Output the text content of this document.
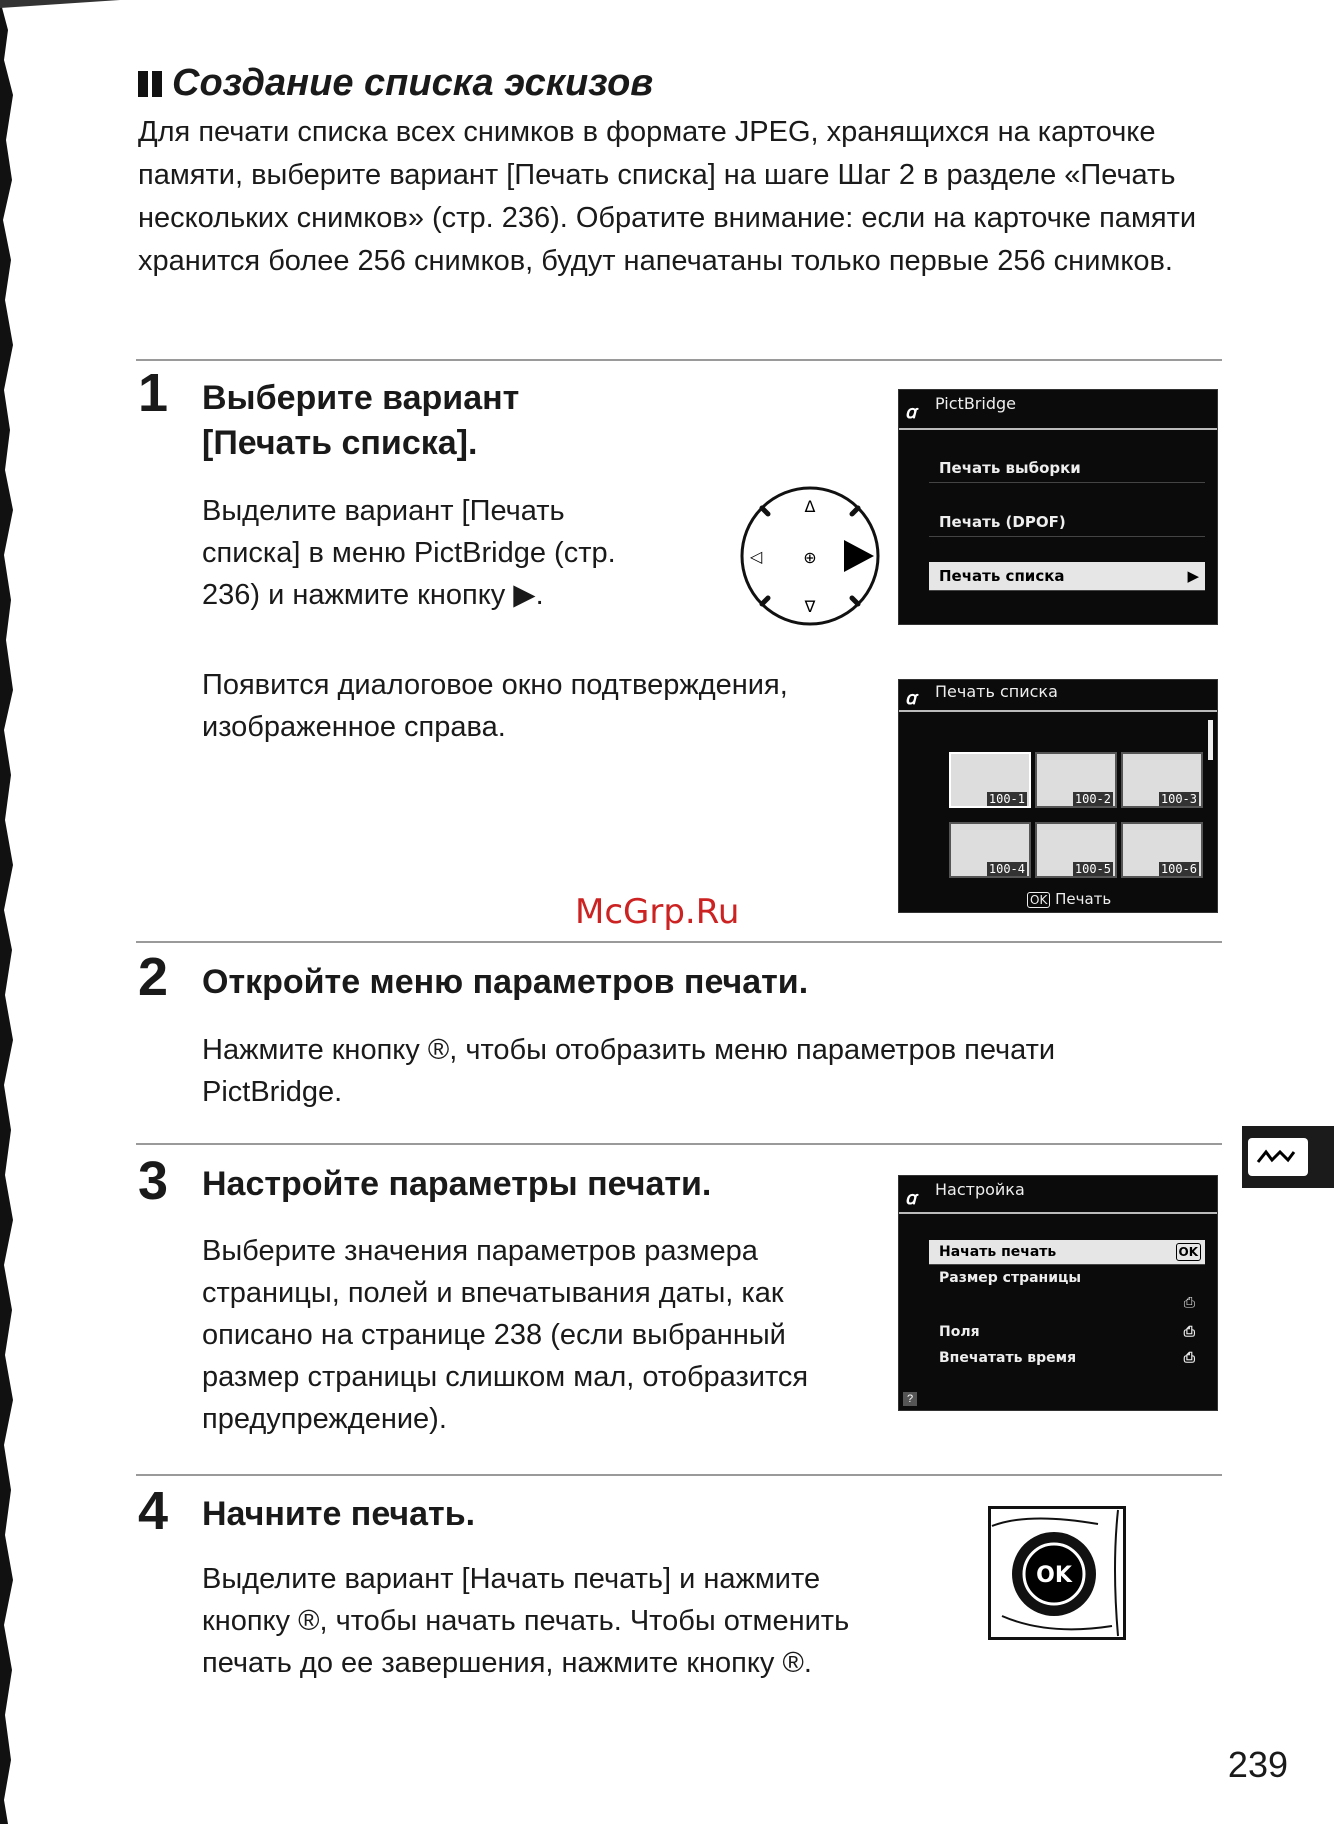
Создание списка эскизов

Для печати списка всех снимков в формате JPEG, хранящихся на карточке памяти, выберите вариант [Печать списка] на шаге Шаг 2 в разделе «Печать нескольких снимков» (стр. 236). Обратите внимание: если на карточке памяти хранится более 256 снимков, будут напечатаны только первые 256 снимков.

1 Выберите вариант
[Печать списка].

Выделите вариант [Печать списка] в меню PictBridge (стр. 236) и нажмите кнопку ▶.

Появится диалоговое окно подтверждения, изображенное справа.

Δ
∇
◁	⊕
ꭤ PictBridge
Печать выборки
Печать (DPOF)
Печать списка	▶
ꭤ Печать списка
100-1	100-2	100-3
100-4	100-5	100-6
OK Печать
McGrp.Ru
2 Откройте меню параметров печати.

Нажмите кнопку ®, чтобы отобразить меню параметров печати PictBridge.

3 Настройте параметры печати.

Выберите значения параметров размера страницы, полей и впечатывания даты, как описано на странице 238 (если выбранный размер страницы слишком мал, отобразится предупреждение).

ꭤ Настройка
Начать печать	OK
Размер страницы
⎙
Поля	⎙
Впечатать время	⎙
?
4 Начните печать.

Выделите вариант [Начать печать] и нажмите кнопку ®, чтобы начать печать. Чтобы отменить печать до ее завершения, нажмите кнопку ®.

OK
239
